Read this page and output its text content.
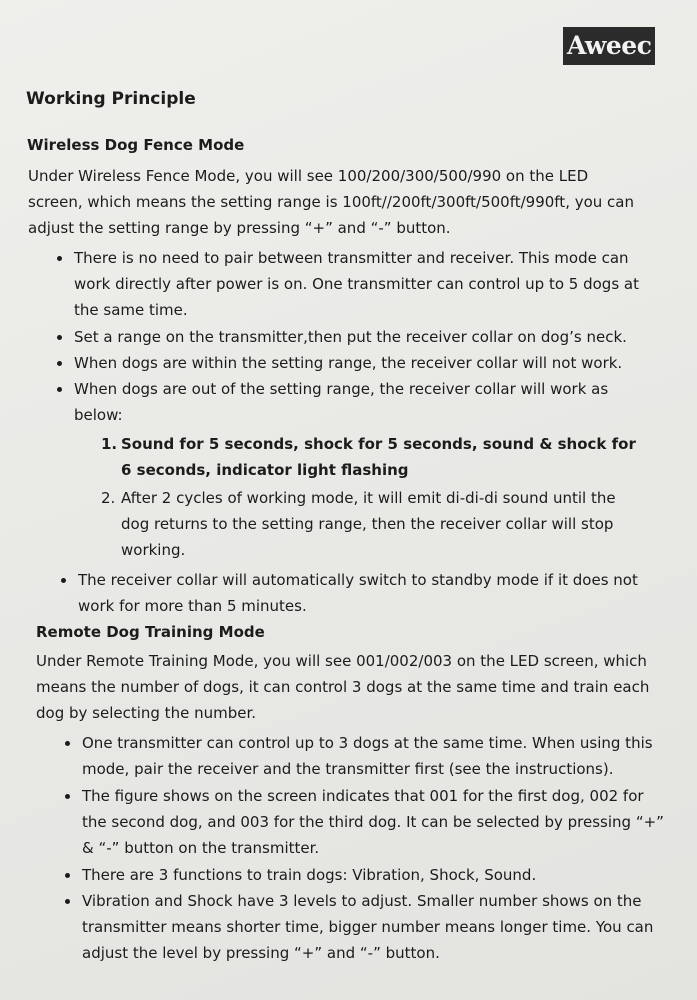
Aweec
Working Principle
Wireless Dog Fence Mode

Under Wireless Fence Mode, you will see 100/200/300/500/990 on the LED screen, which means the setting range is 100ft//200ft/300ft/500ft/990ft, you can adjust the setting range by pressing “+” and “-” button.

There is no need to pair between transmitter and receiver. This mode can work directly after power is on. One transmitter can control up to 5 dogs at the same time.
Set a range on the transmitter,then put the receiver collar on dog’s neck.
When dogs are within the setting range, the receiver collar will not work.
When dogs are out of the setting range, the receiver collar will work as below:
1. Sound for 5 seconds, shock for 5 seconds, sound & shock for 6 seconds, indicator light flashing
2. After 2 cycles of working mode, it will emit di-di-di sound until the dog returns to the setting range, then the receiver collar will stop working.
The receiver collar will automatically switch to standby mode if it does not work for more than 5 minutes.
Remote Dog Training Mode

Under Remote Training Mode, you will see 001/002/003 on the LED screen, which means the number of dogs, it can control 3 dogs at the same time and train each dog by selecting the number.

One transmitter can control up to 3 dogs at the same time. When using this mode, pair the receiver and the transmitter first (see the instructions).
The figure shows on the screen indicates that 001 for the first dog, 002 for the second dog, and 003 for the third dog. It can be selected by pressing “+” & “-” button on the transmitter.
There are 3 functions to train dogs: Vibration, Shock, Sound.
Vibration and Shock have 3 levels to adjust. Smaller number shows on the transmitter means shorter time, bigger number means longer time. You can adjust the level by pressing “+” and “-” button.
